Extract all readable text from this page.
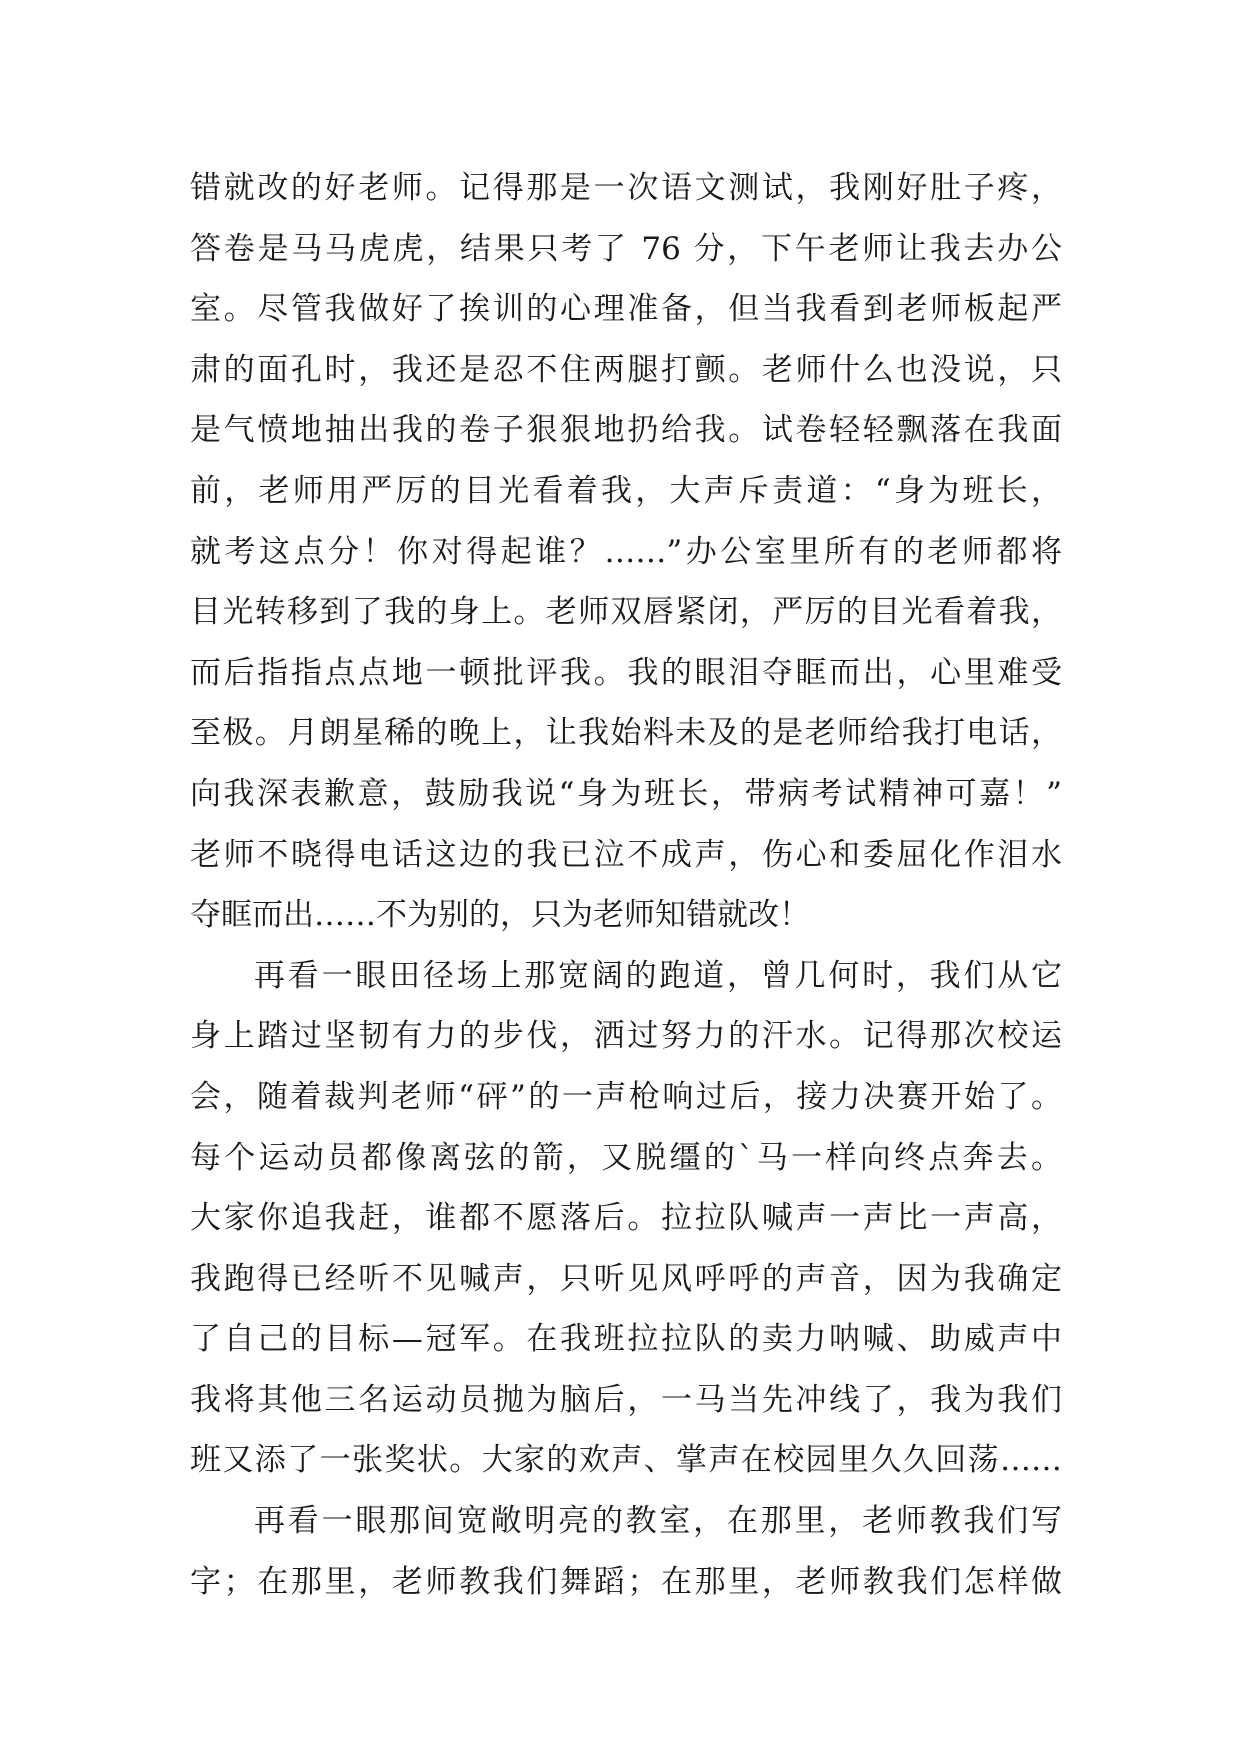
错就改的好老师。记得那是一次语文测试，我刚好肚子疼，
答卷是马马虎虎，结果只考了 76 分，下午老师让我去办公
室。尽管我做好了挨训的心理准备，但当我看到老师板起严
肃的面孔时，我还是忍不住两腿打颤。老师什么也没说，只
是气愤地抽出我的卷子狠狠地扔给我。试卷轻轻飘落在我面
前，老师用严厉的目光看着我，大声斥责道：“身为班长，
就考这点分！你对得起谁？……”办公室里所有的老师都将
目光转移到了我的身上。老师双唇紧闭，严厉的目光看着我，
而后指指点点地一顿批评我。我的眼泪夺眶而出，心里难受
至极。月朗星稀的晚上，让我始料未及的是老师给我打电话，
向我深表歉意，鼓励我说“身为班长，带病考试精神可嘉！”
老师不晓得电话这边的我已泣不成声，伤心和委屈化作泪水
夺眶而出……不为别的，只为老师知错就改！
再看一眼田径场上那宽阔的跑道，曾几何时，我们从它
身上踏过坚韧有力的步伐，洒过努力的汗水。记得那次校运
会，随着裁判老师“砰”的一声枪响过后，接力决赛开始了。
每个运动员都像离弦的箭，又脱缰的`马一样向终点奔去。
大家你追我赶，谁都不愿落后。拉拉队喊声一声比一声高，
我跑得已经听不见喊声，只听见风呼呼的声音，因为我确定
了自己的目标—冠军。在我班拉拉队的卖力呐喊、助威声中
我将其他三名运动员抛为脑后，一马当先冲线了，我为我们
班又添了一张奖状。大家的欢声、掌声在校园里久久回荡……
再看一眼那间宽敞明亮的教室，在那里，老师教我们写
字；在那里，老师教我们舞蹈；在那里，老师教我们怎样做
